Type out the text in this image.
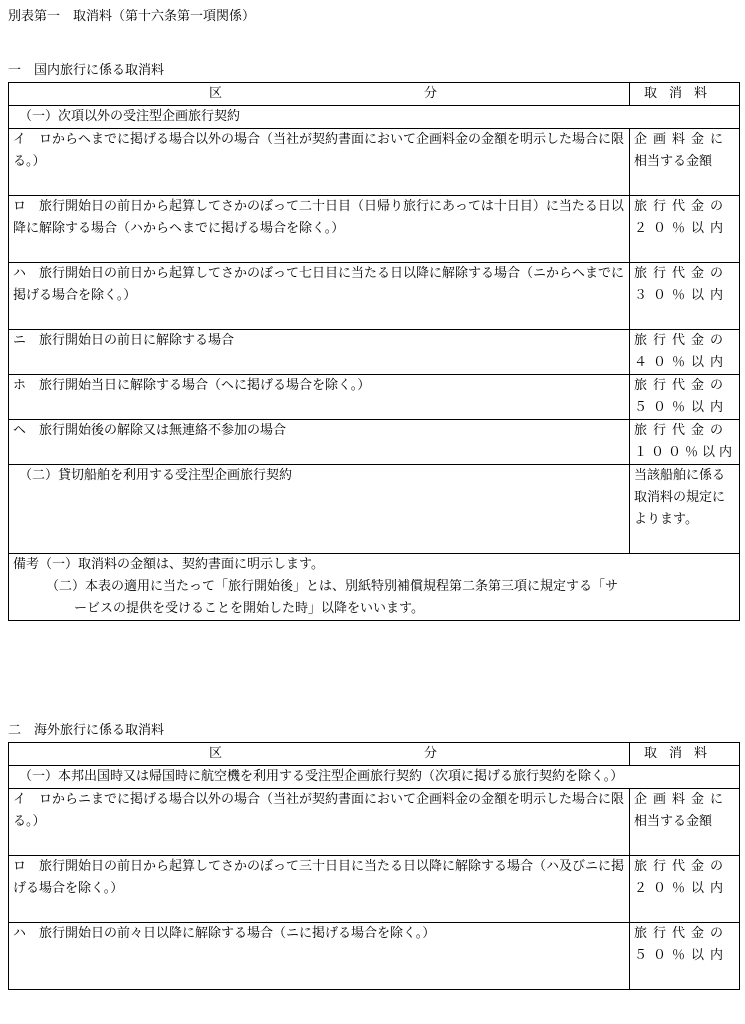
別表第一　取消料（第十六条第一項関係）
一　国内旅行に係る取消料
区 分	取消料
（一）次項以外の受注型企画旅行契約	
イ　ロからヘまでに掲げる場合以外の場合（当社が契約書面において企画料金の金額を明示した場合に限る。）	企画料金に
相当する金額

ロ　旅行開始日の前日から起算してさかのぼって二十日目（日帰り旅行にあっては十日目）に当たる日以降に解除する場合（ハからヘまでに掲げる場合を除く。）	旅行代金の
２０％以内

ハ　旅行開始日の前日から起算してさかのぼって七日目に当たる日以降に解除する場合（ニからヘまでに掲げる場合を除く。）	旅行代金の
３０％以内

ニ　旅行開始日の前日に解除する場合	旅行代金の
４０％以内

ホ　旅行開始当日に解除する場合（ヘに掲げる場合を除く。）	旅行代金の
５０％以内

ヘ　旅行開始後の解除又は無連絡不参加の場合	旅行代金の
１００％以内

（二）貸切船舶を利用する受注型企画旅行契約	当該船舶に係る取消料の規定によります。

備考（一）取消料の金額は、契約書面に明示します。
（二）本表の適用に当たって「旅行開始後」とは、別紙特別補償規程第二条第三項に規定する「サ
ービスの提供を受けることを開始した時」以降をいいます。	
二　海外旅行に係る取消料
区 分	取消料
（一）本邦出国時又は帰国時に航空機を利用する受注型企画旅行契約（次項に掲げる旅行契約を除く。）	
イ　ロからニまでに掲げる場合以外の場合（当社が契約書面において企画料金の金額を明示した場合に限る。）	企画料金に
相当する金額

ロ　旅行開始日の前日から起算してさかのぼって三十日目に当たる日以降に解除する場合（ハ及びニに掲げる場合を除く。）	旅行代金の
２０％以内

ハ　旅行開始日の前々日以降に解除する場合（ニに掲げる場合を除く。）	旅行代金の
５０％以内
